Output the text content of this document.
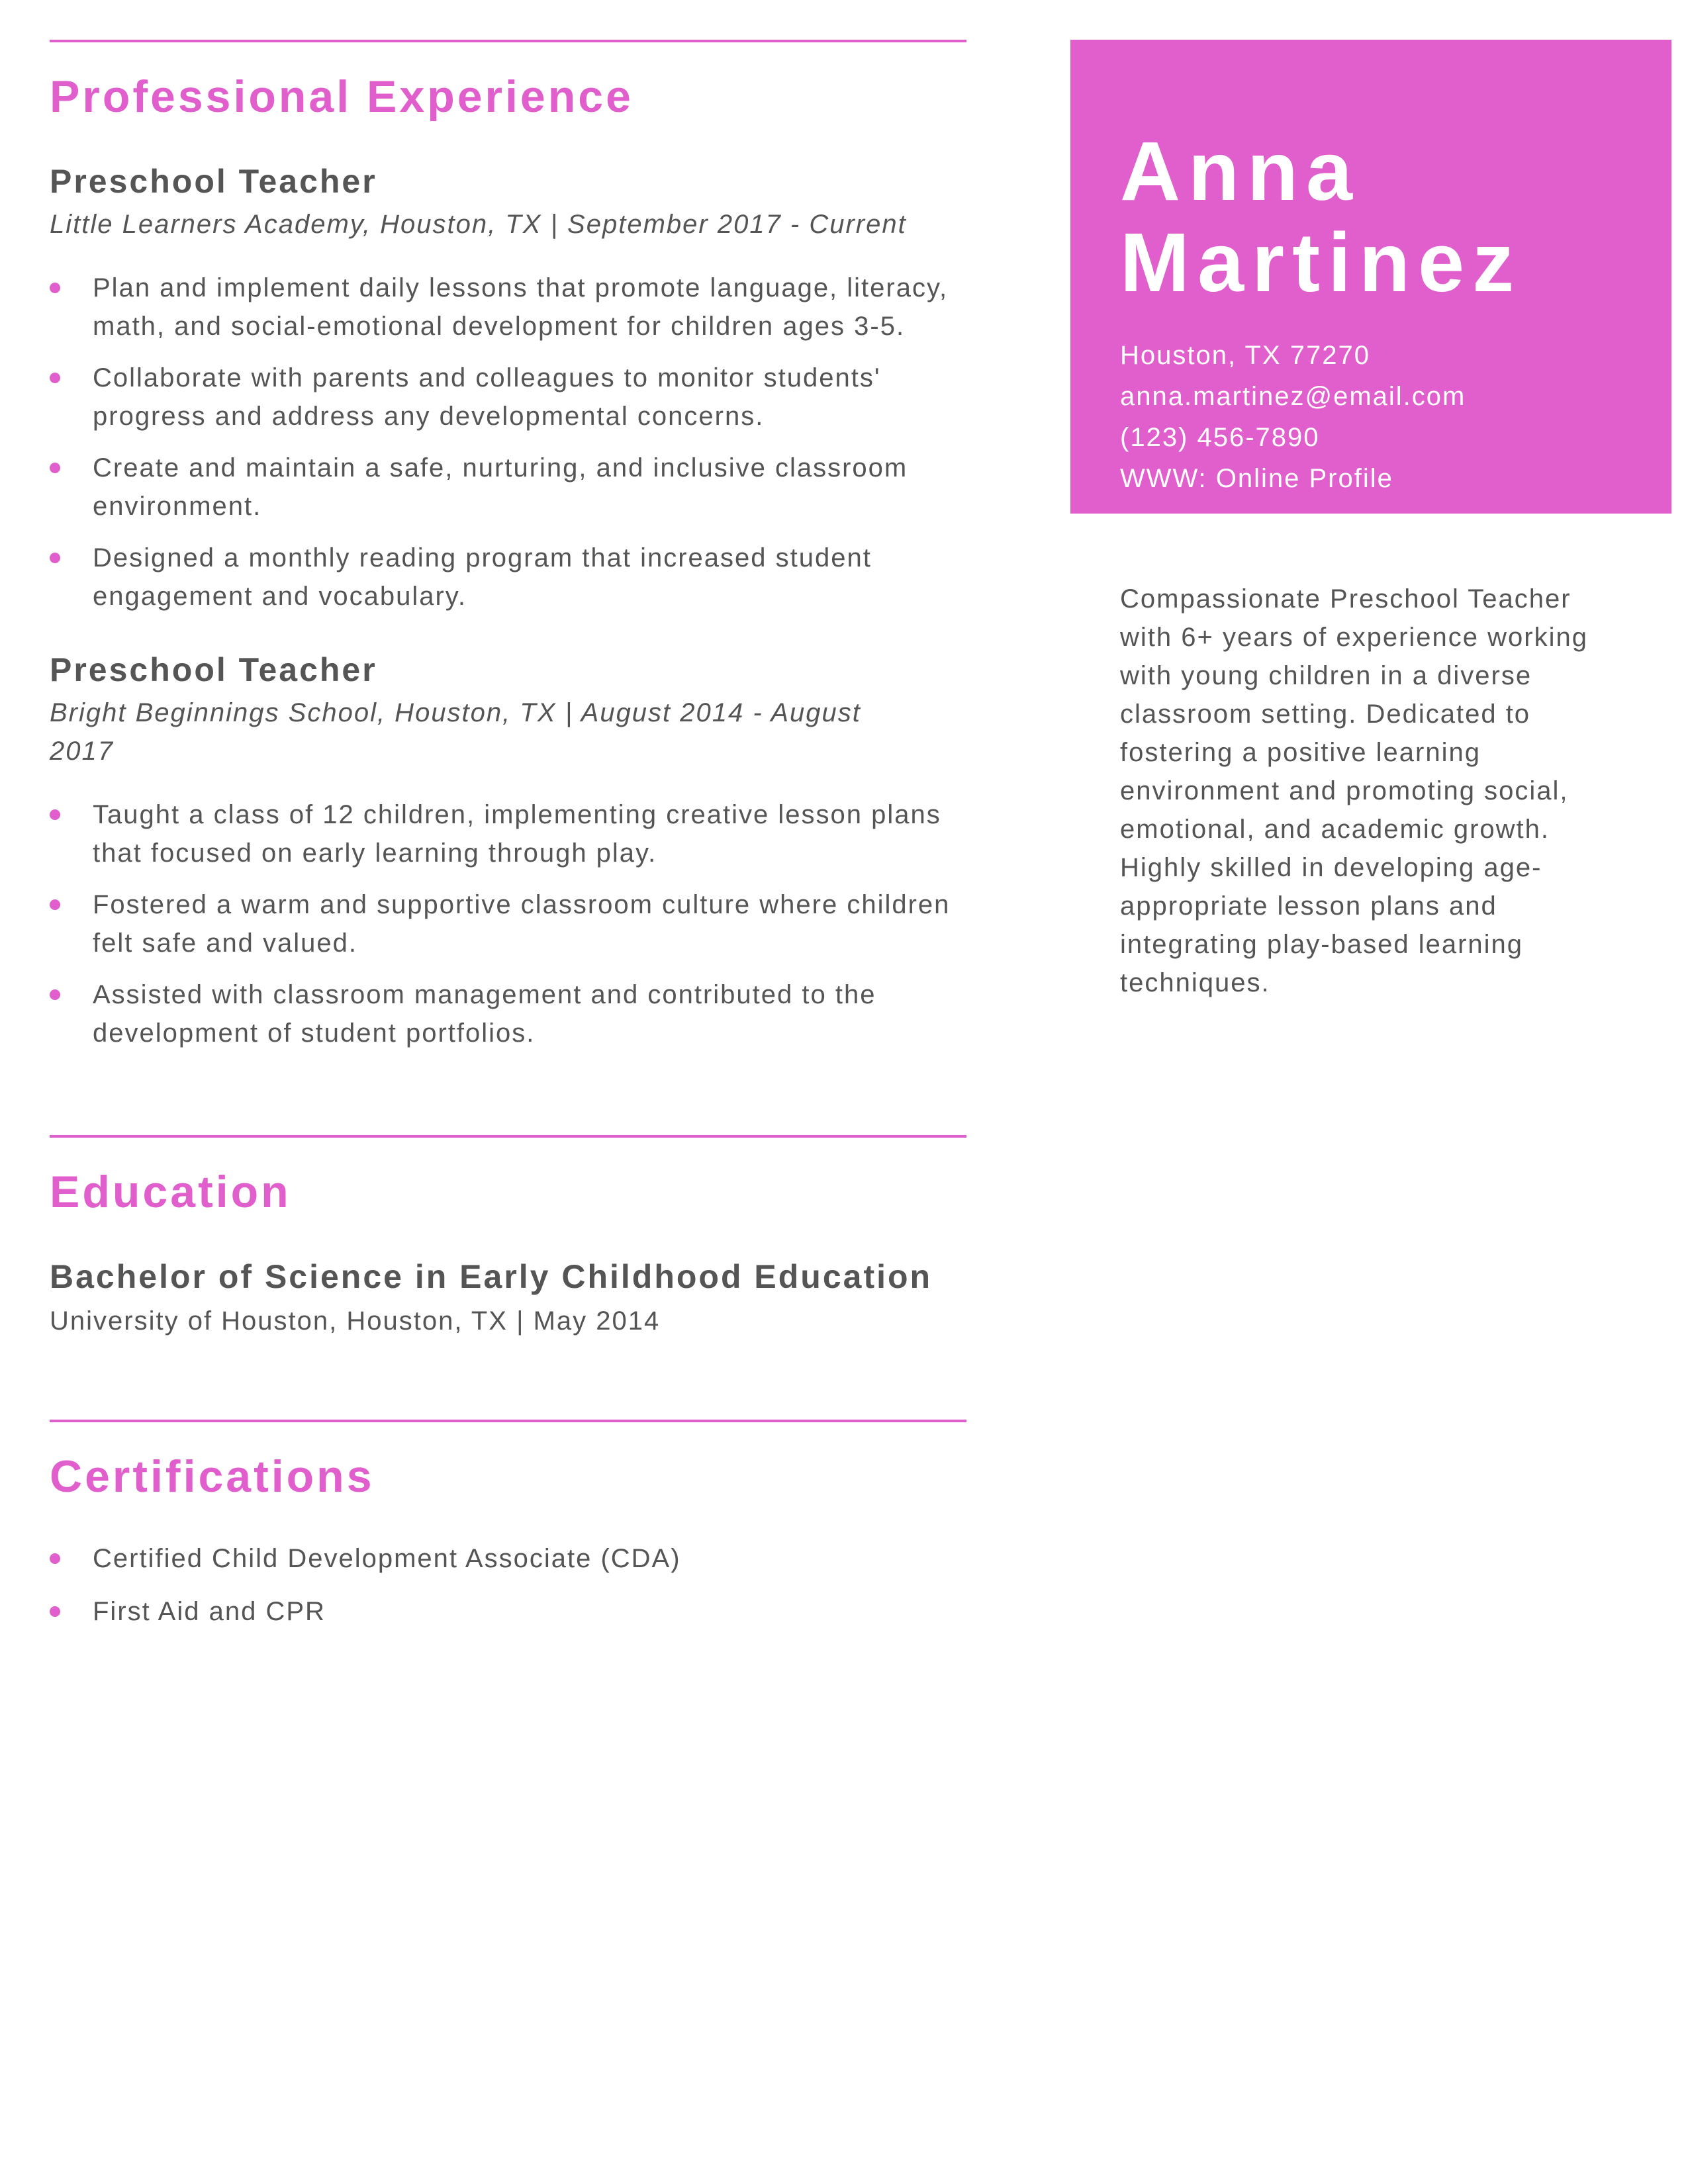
Professional Experience
Preschool Teacher
Little Learners Academy, Houston, TX | September 2017 - Current
Plan and implement daily lessons that promote language, literacy, math, and social-emotional development for children ages 3-5.
Collaborate with parents and colleagues to monitor students' progress and address any developmental concerns.
Create and maintain a safe, nurturing, and inclusive classroom environment.
Designed a monthly reading program that increased student engagement and vocabulary.
Preschool Teacher
Bright Beginnings School, Houston, TX | August 2014 - August 2017
Taught a class of 12 children, implementing creative lesson plans that focused on early learning through play.
Fostered a warm and supportive classroom culture where children felt safe and valued.
Assisted with classroom management and contributed to the development of student portfolios.
Education
Bachelor of Science in Early Childhood Education
University of Houston, Houston, TX | May 2014
Certifications
Certified Child Development Associate (CDA)
First Aid and CPR
Anna
Martinez
Houston, TX 77270
anna.martinez@email.com
(123) 456-7890
WWW: Online Profile
Compassionate Preschool Teacher with 6+ years of experience working with young children in a diverse classroom setting. Dedicated to fostering a positive learning environment and promoting social, emotional, and academic growth. Highly skilled in developing age-appropriate lesson plans and integrating play-based learning techniques.
